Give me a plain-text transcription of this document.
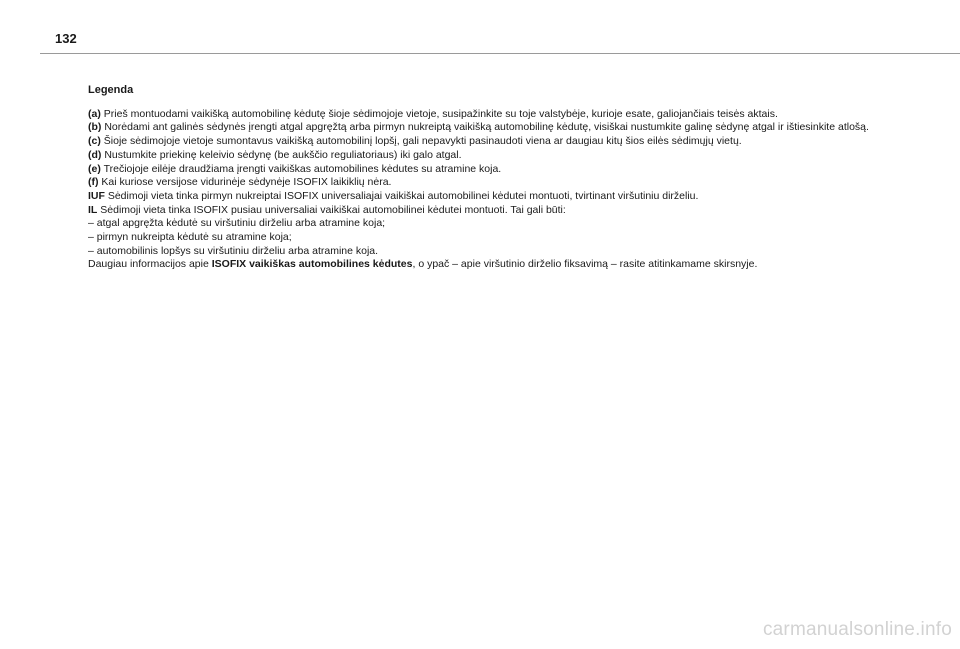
132
Legenda

(a) Prieš montuodami vaikišką automobilinę kėdutę šioje sėdimojoje vietoje, susipažinkite su toje valstybėje, kurioje esate, galiojančiais teisės aktais.

(b) Norėdami ant galinės sėdynės įrengti atgal apgręžtą arba pirmyn nukreiptą vaikišką automobilinę kėdutę, visiškai nustumkite galinę sėdynę atgal ir ištiesinkite atlošą.

(c) Šioje sėdimojoje vietoje sumontavus vaikišką automobilinį lopšį, gali nepavykti pasinaudoti viena ar daugiau kitų šios eilės sėdimųjų vietų.

(d) Nustumkite priekinę keleivio sėdynę (be aukščio reguliatoriaus) iki galo atgal.

(e) Trečiojoje eilėje draudžiama įrengti vaikiškas automobilines kėdutes su atramine koja.

(f) Kai kuriose versijose vidurinėje sėdynėje ISOFIX laikiklių nėra.

IUF Sėdimoji vieta tinka pirmyn nukreiptai ISOFIX universaliajai vaikiškai automobilinei kėdutei montuoti, tvirtinant viršutiniu dirželiu.

IL Sėdimoji vieta tinka ISOFIX pusiau universaliai vaikiškai automobilinei kėdutei montuoti. Tai gali būti:

– atgal apgręžta kėdutė su viršutiniu dirželiu arba atramine koja;

– pirmyn nukreipta kėdutė su atramine koja;

– automobilinis lopšys su viršutiniu dirželiu arba atramine koja.

Daugiau informacijos apie ISOFIX vaikiškas automobilines kėdutes, o ypač – apie viršutinio dirželio fiksavimą – rasite atitinkamame skirsnyje.

carmanualsonline.info
